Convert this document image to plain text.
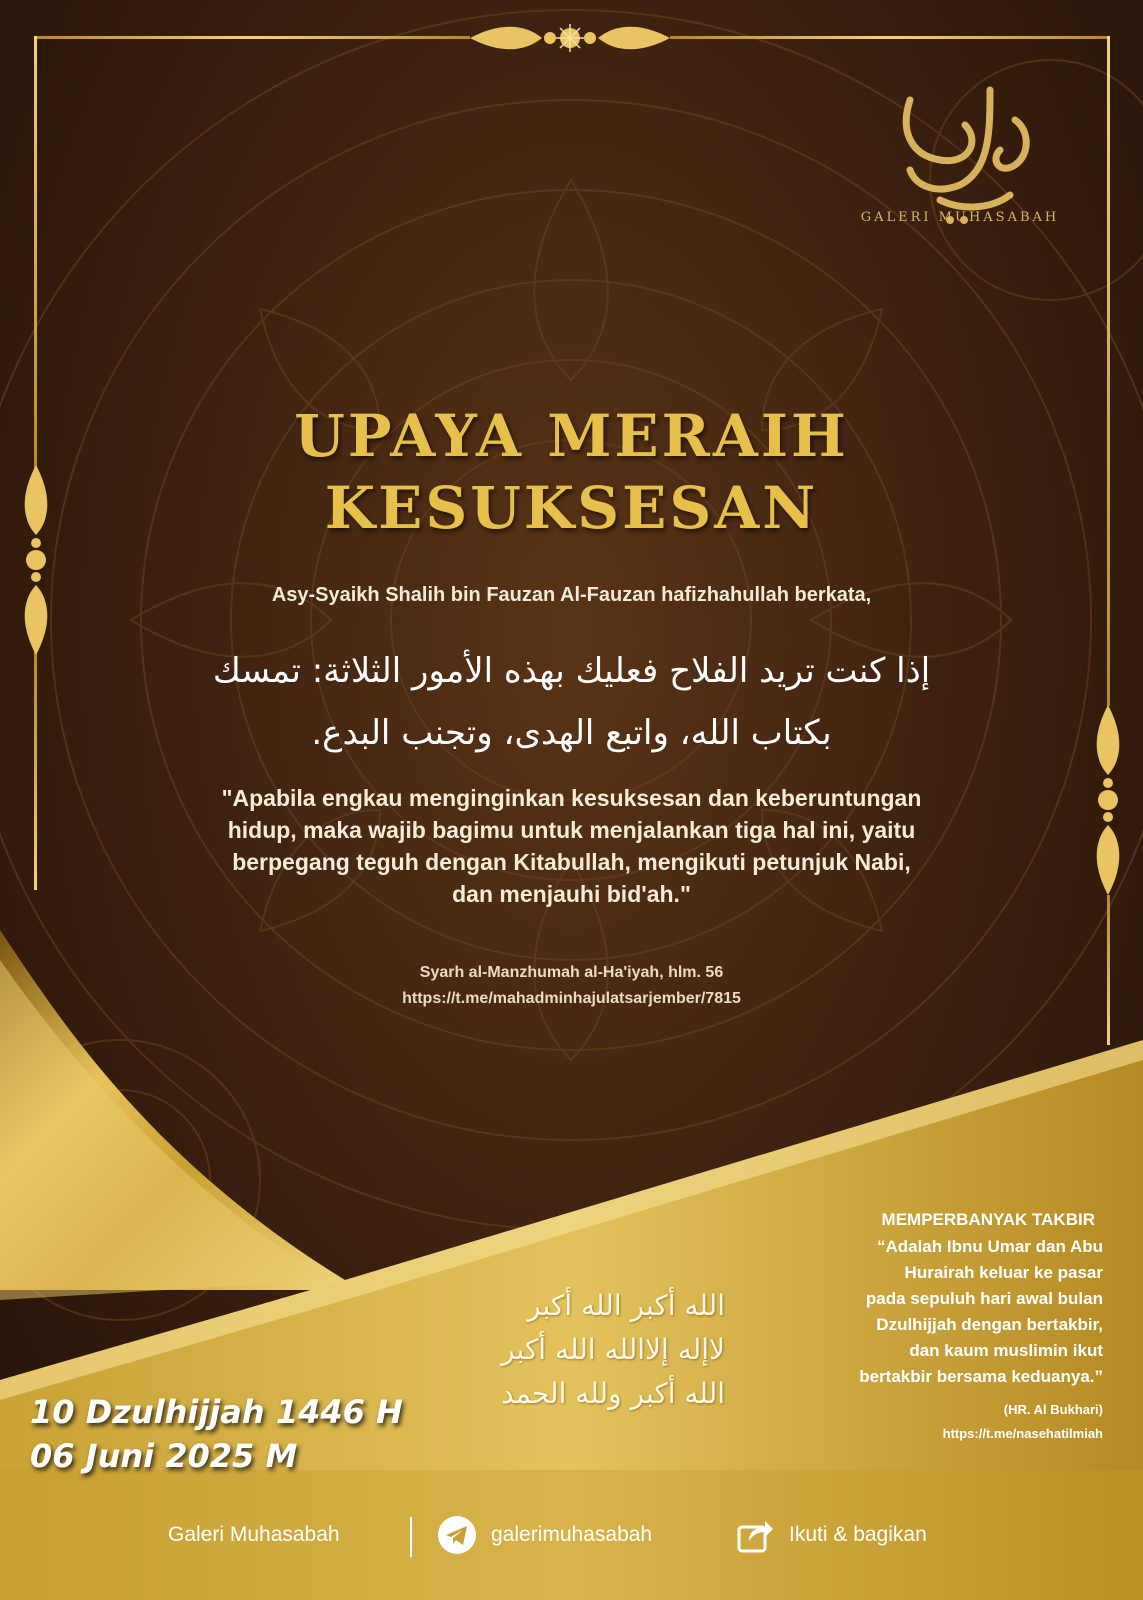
GALERI MUHASABAH
UPAYA MERAIH
KESUKSESAN
Asy-Syaikh Shalih bin Fauzan Al-Fauzan hafizhahullah berkata,
إذا كنت تريد الفلاح فعليك بهذه الأمور الثلاثة: تمسك
بكتاب الله، واتبع الهدى، وتجنب البدع.
"Apabila engkau menginginkan kesuksesan dan keberuntungan
hidup, maka wajib bagimu untuk menjalankan tiga hal ini, yaitu
berpegang teguh dengan Kitabullah, mengikuti petunjuk Nabi,
dan menjauhi bid'ah."
Syarh al-Manzhumah al-Ha'iyah, hlm. 56
https://t.me/mahadminhajulatsarjember/7815
10 Dzulhijjah 1446 H
06 Juni 2025 M
الله أكبر الله أكبر
لاإله إلاالله الله أكبر
الله أكبر ولله الحمد
MEMPERBANYAK TAKBIR
“Adalah Ibnu Umar dan Abu
Hurairah keluar ke pasar
pada sepuluh hari awal bulan
Dzulhijjah dengan bertakbir,
dan kaum muslimin ikut
bertakbir bersama keduanya.”
(HR. Al Bukhari)
https://t.me/nasehatilmiah
Galeri Muhasabah	galerimuhasabah	Ikuti & bagikan
